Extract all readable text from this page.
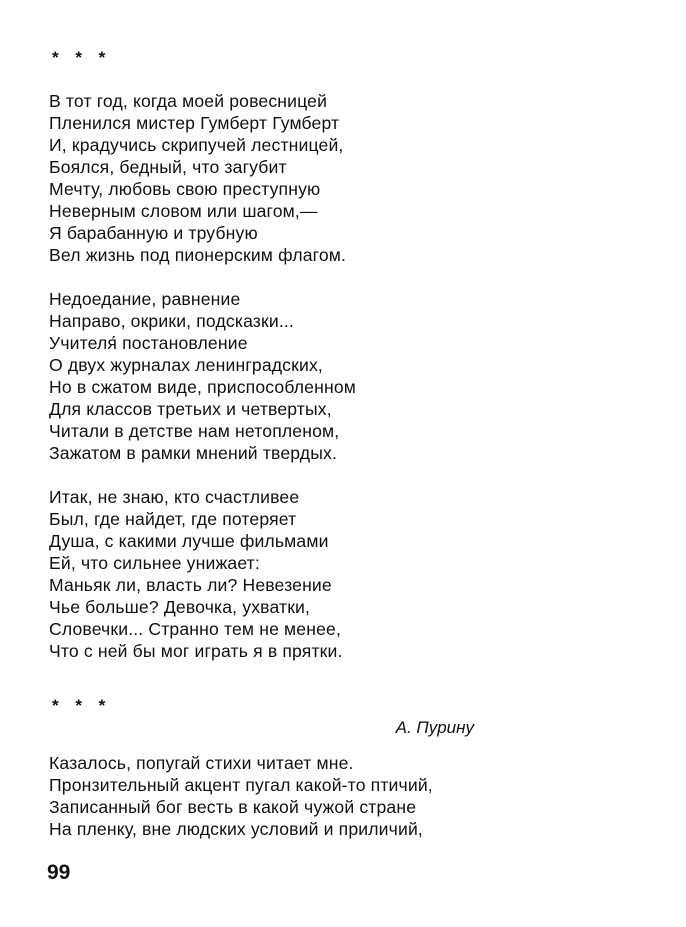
* * *
В тот год, когда моей ровесницей
Пленился мистер Гумберт Гумберт
И, крадучись скрипучей лестницей,
Боялся, бедный, что загубит
Мечту, любовь свою преступную
Неверным словом или шагом,—
Я барабанную и трубную
Вел жизнь под пионерским флагом.
Недоедание, равнение
Направо, окрики, подсказки...
Учителя́ постановление
О двух журналах ленинградских,
Но в сжатом виде, приспособленном
Для классов третьих и четвертых,
Читали в детстве нам нетопленом,
Зажатом в рамки мнений твердых.
Итак, не знаю, кто счастливее
Был, где найдет, где потеряет
Душа, с какими лучше фильмами
Ей, что сильнее унижает:
Маньяк ли, власть ли? Невезение
Чье больше? Девочка, ухватки,
Словечки... Странно тем не менее,
Что с ней бы мог играть я в прятки.
* * *
А. Пурину
Казалось, попугай стихи читает мне.
Пронзительный акцент пугал какой-то птичий,
Записанный бог весть в какой чужой стране
На пленку, вне людских условий и приличий,
99
